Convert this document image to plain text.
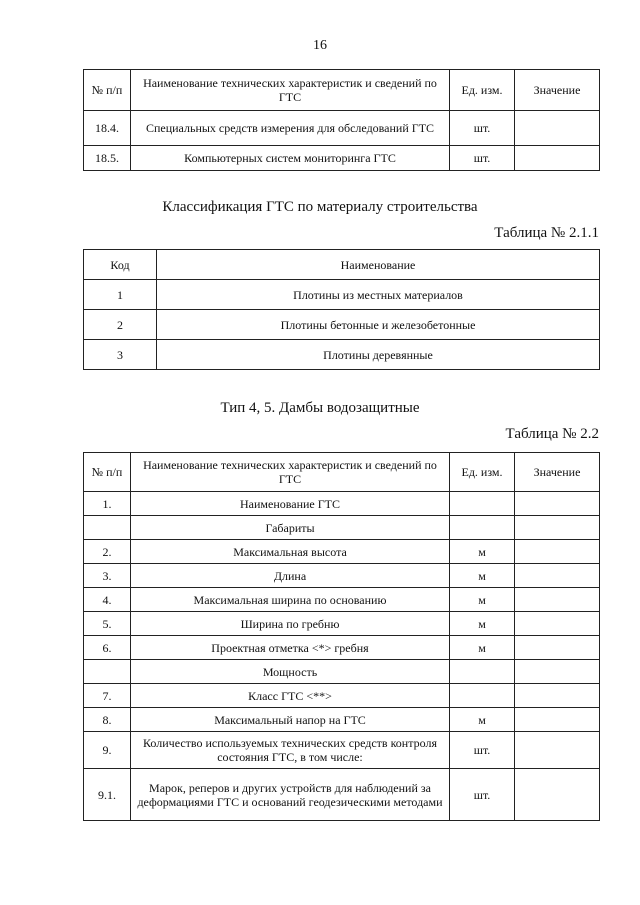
16
№ п/п	Наименование технических характеристик и сведений по ГТС	Ед. изм.	Значение
18.4.	Специальных средств измерения для обследований ГТС	шт.	
18.5.	Компьютерных систем мониторинга ГТС	шт.	
Классификация ГТС по материалу строительства
Таблица № 2.1.1
Код	Наименование
1	Плотины из местных материалов
2	Плотины бетонные и железобетонные
3	Плотины деревянные
Тип 4, 5. Дамбы водозащитные
Таблица № 2.2
№ п/п	Наименование технических характеристик и сведений по ГТС	Ед. изм.	Значение
1.	Наименование ГТС		
	Габариты		
2.	Максимальная высота	м	
3.	Длина	м	
4.	Максимальная ширина по основанию	м	
5.	Ширина по гребню	м	
6.	Проектная отметка <*> гребня	м	
	Мощность		
7.	Класс ГТС <**>		
8.	Максимальный напор на ГТС	м	
9.	Количество используемых технических средств контроля состояния ГТС, в том числе:	шт.	
9.1.	Марок, реперов и других устройств для наблюдений за деформациями ГТС и оснований геодезическими методами	шт.	
